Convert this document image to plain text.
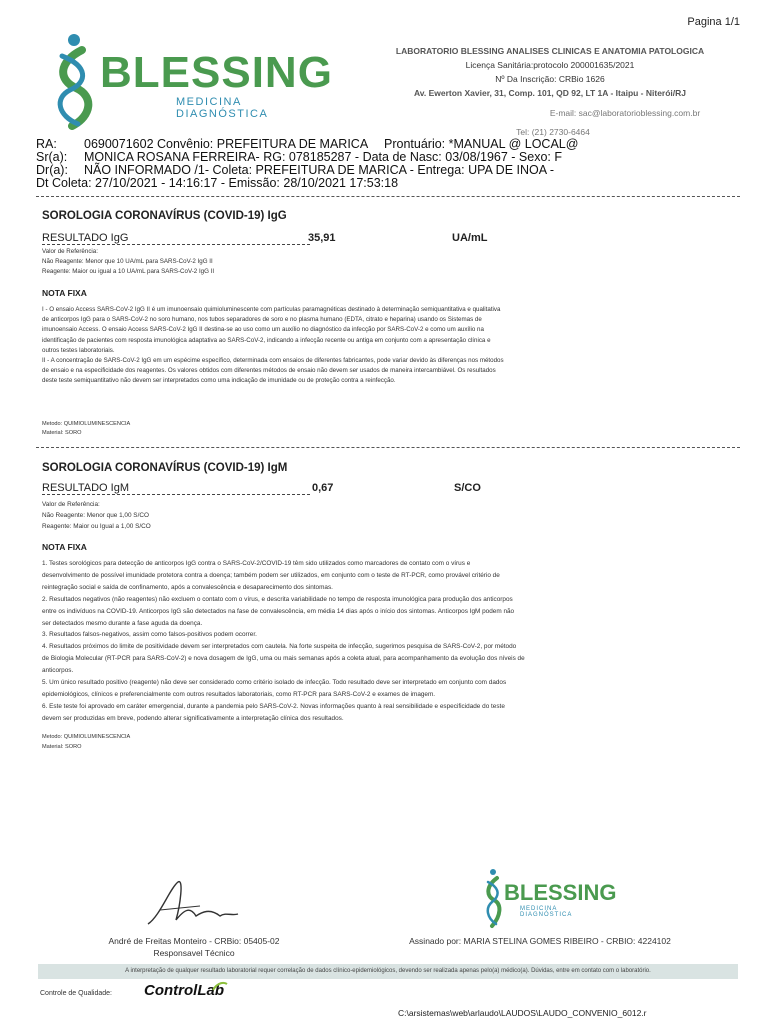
Pagina 1/1
BLESSING
MEDICINA DIAGNÓSTICA
LABORATORIO BLESSING ANALISES CLINICAS E ANATOMIA PATOLOGICA
Licença Sanitária:protocolo 200001635/2021
Nº Da Inscrição: CRBio 1626
Av. Ewerton Xavier, 31, Comp. 101, QD 92, LT 1A - Itaipu - Niterói/RJ
E-mail: sac@laboratorioblessing.com.br
Tel: (21) 2730-6464
RA: 0690071602 Convênio: PREFEITURA DE MARICA Prontuário: *MANUAL @ LOCAL@
Sr(a): MONICA ROSANA FERREIRA- RG: 078185287 - Data de Nasc: 03/08/1967 - Sexo: F
Dr(a): NÃO INFORMADO /1- Coleta: PREFEITURA DE MARICA - Entrega: UPA DE INOA -
Dt Coleta: 27/10/2021 - 14:16:17 - Emissão: 28/10/2021 17:53:18
SOROLOGIA CORONAVÍRUS (COVID-19) IgG
RESULTADO IgG	35,91	UA/mL
Valor de Referência:
Não Reagente: Menor que 10 UA/mL para SARS-CoV-2 IgG II
Reagente: Maior ou igual a 10 UA/mL para SARS-CoV-2 IgG II
NOTA FIXA
I - O ensaio Access SARS-CoV-2 IgG II é um imunoensaio quimioluminescente com partículas paramagnéticas destinado à determinação semiquantitativa e qualitativa
de anticorpos IgG para o SARS-CoV-2 no soro humano, nos tubos separadores de soro e no plasma humano (EDTA, citrato e heparina) usando os Sistemas de
imunoensaio Access. O ensaio Access SARS-CoV-2 IgG II destina-se ao uso como um auxílio no diagnóstico da infecção por SARS-CoV-2 e como um auxílio na
identificação de pacientes com resposta imunológica adaptativa ao SARS-CoV-2, indicando a infecção recente ou antiga em conjunto com a apresentação clínica e
outros testes laboratoriais.
II - A concentração de SARS-CoV-2 IgG em um espécime específico, determinada com ensaios de diferentes fabricantes, pode variar devido às diferenças nos métodos
de ensaio e na especificidade dos reagentes. Os valores obtidos com diferentes métodos de ensaio não devem ser usados de maneira intercambiável. Os resultados
deste teste semiquantitativo não devem ser interpretados como uma indicação de imunidade ou de proteção contra a reinfecção.
Metodo: QUIMIOLUMINESCENCIA
Material: SORO
SOROLOGIA CORONAVÍRUS (COVID-19) IgM
RESULTADO IgM	0,67	S/CO
Valor de Referência:
Não Reagente: Menor que 1,00 S/CO
Reagente: Maior ou Igual a 1,00 S/CO
NOTA FIXA
1. Testes sorológicos para detecção de anticorpos IgG contra o SARS-CoV-2/COVID-19 têm sido utilizados como marcadores de contato com o vírus e
desenvolvimento de possível imunidade protetora contra a doença; também podem ser utilizados, em conjunto com o teste de RT-PCR, como provável critério de
reintegração social e saída de confinamento, após a convalescência e desaparecimento dos sintomas.
2. Resultados negativos (não reagentes) não excluem o contato com o vírus, e descrita variabilidade no tempo de resposta imunológica para produção dos anticorpos
entre os indivíduos na COVID-19. Anticorpos IgG são detectados na fase de convalescência, em média 14 dias após o início dos sintomas. Anticorpos IgM podem não
ser detectados mesmo durante a fase aguda da doença.
3. Resultados falsos-negativos, assim como falsos-positivos podem ocorrer.
4. Resultados próximos do limite de positividade devem ser interpretados com cautela. Na forte suspeita de infecção, sugerimos pesquisa de SARS-CoV-2, por método
de Biologia Molecular (RT-PCR para SARS-CoV-2) e nova dosagem de IgG, uma ou mais semanas após a coleta atual, para acompanhamento da evolução dos níveis de
anticorpos.
5. Um único resultado positivo (reagente) não deve ser considerado como critério isolado de infecção. Todo resultado deve ser interpretado em conjunto com dados
epidemiológicos, clínicos e preferencialmente com outros resultados laboratoriais, como RT-PCR para SARS-CoV-2 e exames de imagem.
6. Este teste foi aprovado em caráter emergencial, durante a pandemia pelo SARS-CoV-2. Novas informações quanto à real sensibilidade e especificidade do teste
devem ser produzidas em breve, podendo alterar significativamente a interpretação clínica dos resultados.
Metodo: QUIMIOLUMINESCENCIA
Material: SORO
André de Freitas Monteiro - CRBio: 05405-02
Responsavel Técnico
BLESSING
MEDICINA DIAGNÓSTICA
Assinado por: MARIA STELINA GOMES RIBEIRO - CRBIO: 4224102
A interpretação de qualquer resultado laboratorial requer correlação de dados clínico-epidemiológicos, devendo ser realizada apenas pelo(a) médico(a). Dúvidas, entre em contato com o laboratório.
Controle de Qualidade: ControlLab
C:\arsistemas\web\arlaudo\LAUDOS\LAUDO_CONVENIO_6012.r
